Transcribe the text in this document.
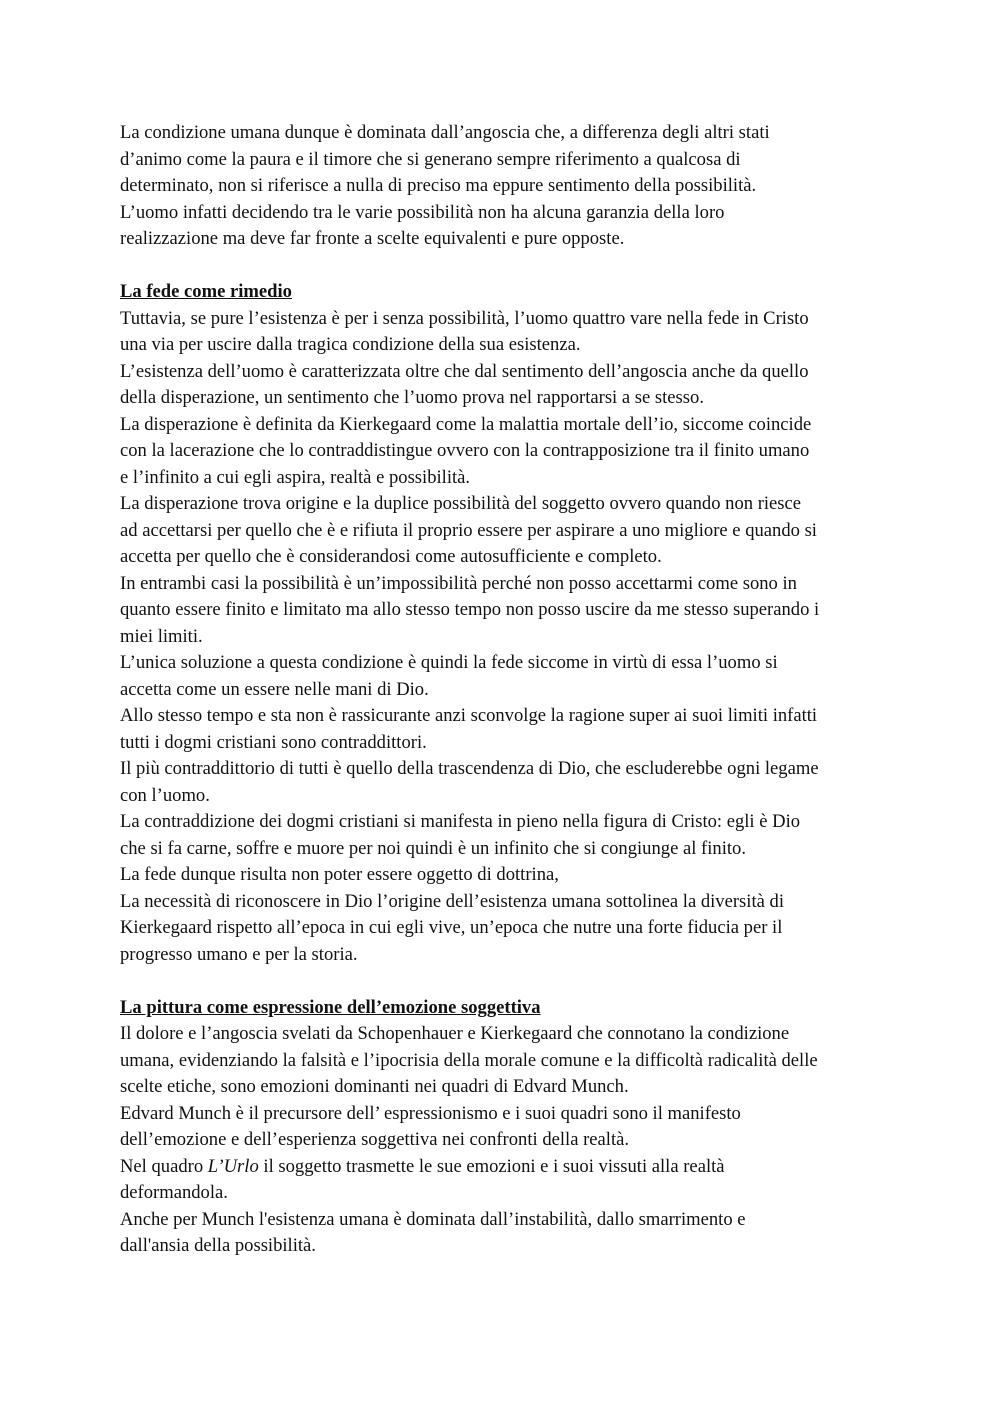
La condizione umana dunque è dominata dall’angoscia che, a differenza degli altri stati
d’animo come la paura e il timore che si generano sempre riferimento a qualcosa di
determinato, non si riferisce a nulla di preciso ma eppure sentimento della possibilità.
L’uomo infatti decidendo tra le varie possibilità non ha alcuna garanzia della loro
realizzazione ma deve far fronte a scelte equivalenti e pure opposte.
La fede come rimedio
Tuttavia, se pure l’esistenza è per i senza possibilità, l’uomo quattro vare nella fede in Cristo
una via per uscire dalla tragica condizione della sua esistenza.
L’esistenza dell’uomo è caratterizzata oltre che dal sentimento dell’angoscia anche da quello
della disperazione, un sentimento che l’uomo prova nel rapportarsi a se stesso.
La disperazione è definita da Kierkegaard come la malattia mortale dell’io, siccome coincide
con la lacerazione che lo contraddistingue ovvero con la contrapposizione tra il finito umano
e l’infinito a cui egli aspira, realtà e possibilità.
La disperazione trova origine e la duplice possibilità del soggetto ovvero quando non riesce
ad accettarsi per quello che è e rifiuta il proprio essere per aspirare a uno migliore e quando si
accetta per quello che è considerandosi come autosufficiente e completo.
In entrambi casi la possibilità è un’impossibilità perché non posso accettarmi come sono in
quanto essere finito e limitato ma allo stesso tempo non posso uscire da me stesso superando i
miei limiti.
L’unica soluzione a questa condizione è quindi la fede siccome in virtù di essa l’uomo si
accetta come un essere nelle mani di Dio.
Allo stesso tempo e sta non è rassicurante anzi sconvolge la ragione super ai suoi limiti infatti
tutti i dogmi cristiani sono contraddittori.
Il più contraddittorio di tutti è quello della trascendenza di Dio, che escluderebbe ogni legame
con l’uomo.
La contraddizione dei dogmi cristiani si manifesta in pieno nella figura di Cristo: egli è Dio
che si fa carne, soffre e muore per noi quindi è un infinito che si congiunge al finito.
La fede dunque risulta non poter essere oggetto di dottrina,
La necessità di riconoscere in Dio l’origine dell’esistenza umana sottolinea la diversità di
Kierkegaard rispetto all’epoca in cui egli vive, un’epoca che nutre una forte fiducia per il
progresso umano e per la storia.
La pittura come espressione dell’emozione soggettiva
Il dolore e l’angoscia svelati da Schopenhauer e Kierkegaard che connotano la condizione
umana, evidenziando la falsità e l’ipocrisia della morale comune e la difficoltà radicalità delle
scelte etiche, sono emozioni dominanti nei quadri di Edvard Munch.
Edvard Munch è il precursore dell’ espressionismo e i suoi quadri sono il manifesto
dell’emozione e dell’esperienza soggettiva nei confronti della realtà.
Nel quadro L’Urlo il soggetto trasmette le sue emozioni e i suoi vissuti alla realtà
deformandola.
Anche per Munch l'esistenza umana è dominata dall’instabilità, dallo smarrimento e
dall'ansia della possibilità.
